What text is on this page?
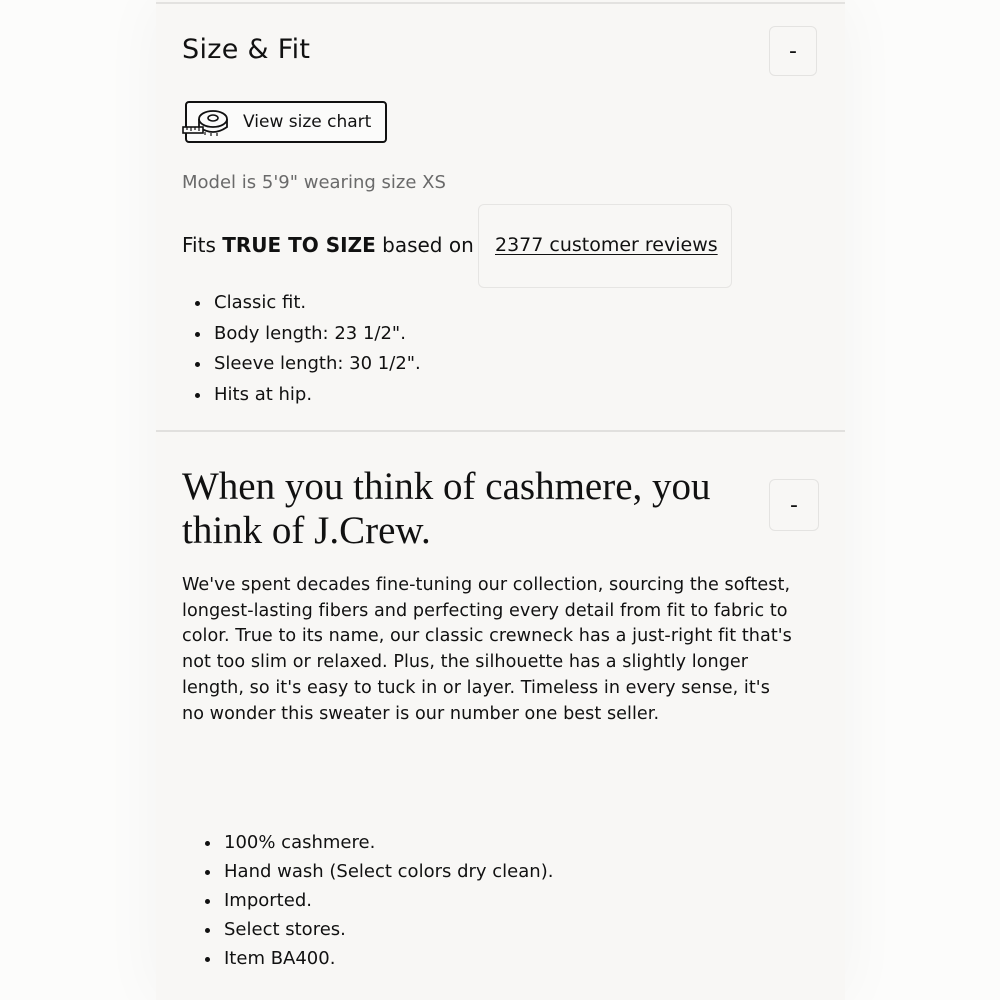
Size & Fit	-
View size chart
Model is 5'9" wearing size XS
Fits TRUE TO SIZE based on 2377 customer reviews
Classic fit.
Body length: 23 1/2".
Sleeve length: 30 1/2".
Hits at hip.
When you think of cashmere, you think of J.Crew.
-

We've spent decades fine-tuning our collection, sourcing the softest, longest-lasting fibers and perfecting every detail from fit to fabric to color. True to its name, our classic crewneck has a just-right fit that's not too slim or relaxed. Plus, the silhouette has a slightly longer length, so it's easy to tuck in or layer. Timeless in every sense, it's no wonder this sweater is our number one best seller.

100% cashmere.
Hand wash (Select colors dry clean).
Imported.
Select stores.
Item BA400.
